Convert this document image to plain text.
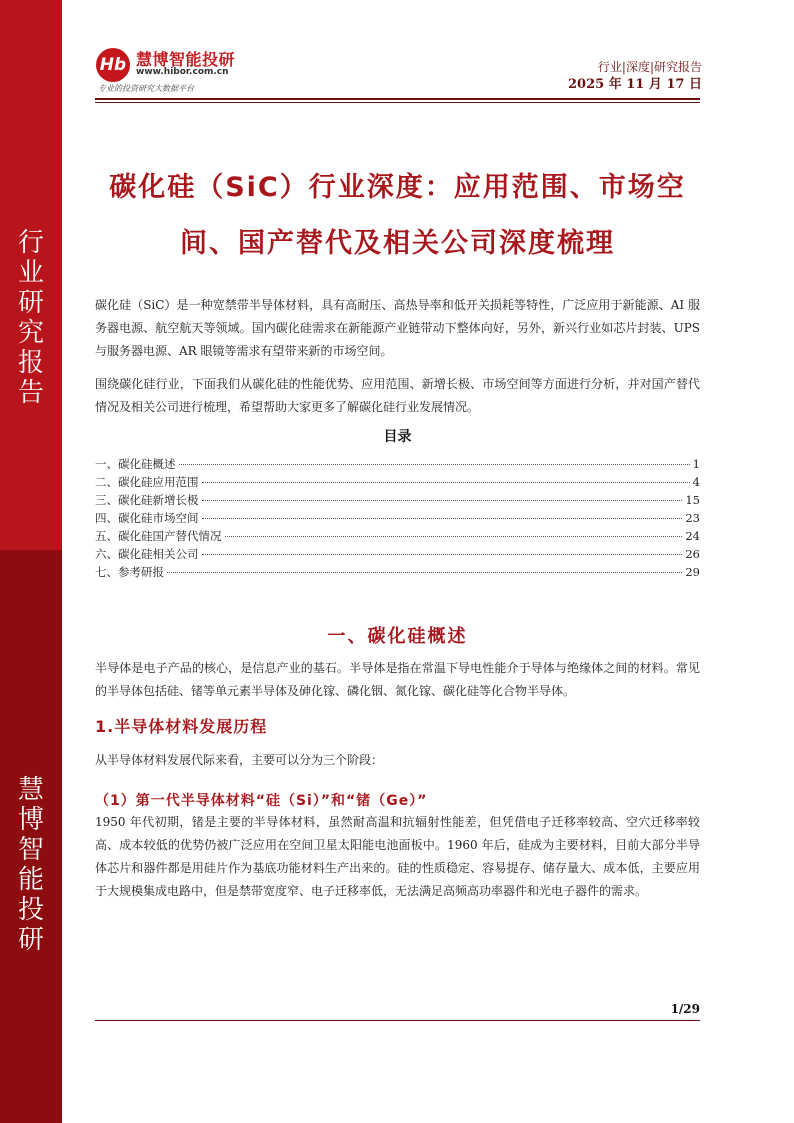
行
业
研
究
报
告
慧
博
智
能
投
研
Hb 慧博智能投研
www.hibor.com.cn
专业的投资研究大数据平台
行业|深度|研究报告
2025 年 11 月 17 日
碳化硅（SiC）行业深度：应用范围、市场空
间、国产替代及相关公司深度梳理
碳化硅（SiC）是一种宽禁带半导体材料，具有高耐压、高热导率和低开关损耗等特性，广泛应用于新能源、AI 服务器电源、航空航天等领域。国内碳化硅需求在新能源产业链带动下整体向好，另外，新兴行业如芯片封装、UPS 与服务器电源、AR 眼镜等需求有望带来新的市场空间。
围绕碳化硅行业，下面我们从碳化硅的性能优势、应用范围、新增长极、市场空间等方面进行分析，并对国产替代情况及相关公司进行梳理，希望帮助大家更多了解碳化硅行业发展情况。
目录
一、碳化硅概述	1
二、碳化硅应用范围	4
三、碳化硅新增长极	15
四、碳化硅市场空间	23
五、碳化硅国产替代情况	24
六、碳化硅相关公司	26
七、参考研报	29
一、碳化硅概述
半导体是电子产品的核心，是信息产业的基石。半导体是指在常温下导电性能介于导体与绝缘体之间的材料。常见的半导体包括硅、锗等单元素半导体及砷化镓、磷化铟、氮化镓、碳化硅等化合物半导体。
1.半导体材料发展历程
从半导体材料发展代际来看，主要可以分为三个阶段：
（1）第一代半导体材料“硅（Si）”和“锗（Ge）”
1950 年代初期，锗是主要的半导体材料，虽然耐高温和抗辐射性能差，但凭借电子迁移率较高、空穴迁移率较高、成本较低的优势仍被广泛应用在空间卫星太阳能电池面板中。1960 年后，硅成为主要材料，目前大部分半导体芯片和器件都是用硅片作为基底功能材料生产出来的。硅的性质稳定、容易提存、储存量大、成本低，主要应用于大规模集成电路中，但是禁带宽度窄、电子迁移率低，无法满足高频高功率器件和光电子器件的需求。
1/29
